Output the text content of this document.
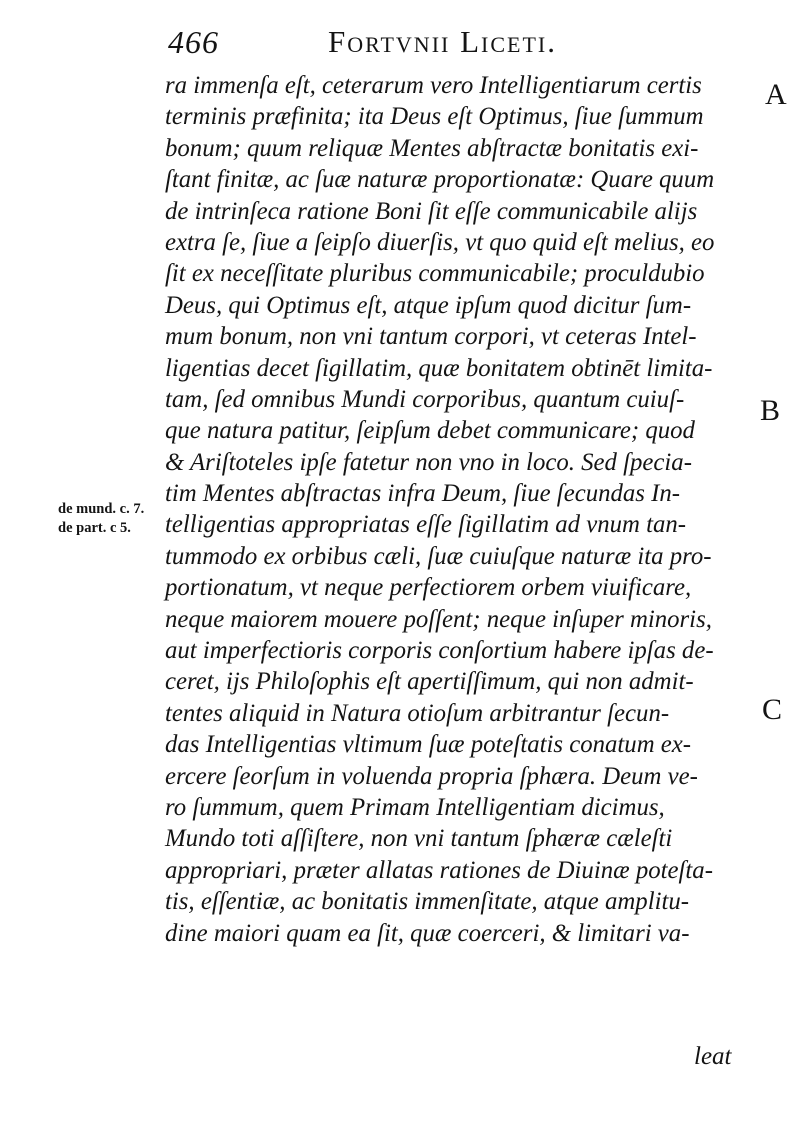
466	Fortvnii Liceti.
A
B
C
de mund. c. 7.
de part. c 5.
ra immenſa eſt, ceterarum vero Intelligentiarum certis
terminis præfinita; ita Deus eſt Optimus, ſiue ſummum
bonum; quum reliquæ Mentes abſtractæ bonitatis exi-
ſtant finitæ, ac ſuæ naturæ proportionatæ: Quare quum
de intrinſeca ratione Boni ſit eſſe communicabile alijs
extra ſe, ſiue a ſeipſo diuerſis, vt quo quid eſt melius, eo
ſit ex neceſſitate pluribus communicabile; proculdubio
Deus, qui Optimus eſt, atque ipſum quod dicitur ſum-
mum bonum, non vni tantum corpori, vt ceteras Intel-
ligentias decet ſigillatim, quæ bonitatem obtinēt limita-
tam, ſed omnibus Mundi corporibus, quantum cuiuſ-
que natura patitur, ſeipſum debet communicare; quod
& Ariſtoteles ipſe fatetur non vno in loco. Sed ſpecia-
tim Mentes abſtractas infra Deum, ſiue ſecundas In-
telligentias appropriatas eſſe ſigillatim ad vnum tan-
tummodo ex orbibus cæli, ſuæ cuiuſque naturæ ita pro-
portionatum, vt neque perfectiorem orbem viuificare,
neque maiorem mouere poſſent; neque inſuper minoris,
aut imperfectioris corporis conſortium habere ipſas de-
ceret, ijs Philoſophis eſt apertiſſimum, qui non admit-
tentes aliquid in Natura otioſum arbitrantur ſecun-
das Intelligentias vltimum ſuæ poteſtatis conatum ex-
ercere ſeorſum in voluenda propria ſphæra. Deum ve-
ro ſummum, quem Primam Intelligentiam dicimus,
Mundo toti aſſiſtere, non vni tantum ſphæræ cæleſti
appropriari, præter allatas rationes de Diuinæ poteſta-
tis, eſſentiæ, ac bonitatis immenſitate, atque amplitu-
dine maiori quam ea ſit, quæ coerceri, & limitari va-
leat
